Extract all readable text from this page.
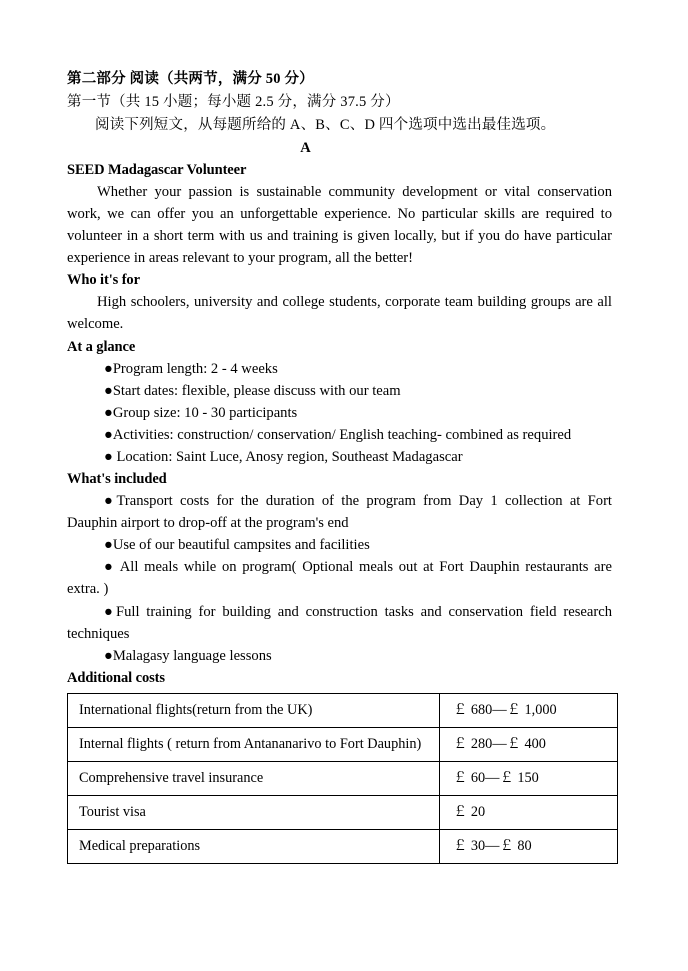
第二部分 阅读（共两节，满分 50 分）
第一节（共 15 小题；每小题 2.5 分，满分 37.5 分）
阅读下列短文，从每题所给的 A、B、C、D 四个选项中选出最佳选项。
A
SEED Madagascar Volunteer

Whether your passion is sustainable community development or vital conservation work, we can offer you an unforgettable experience. No particular skills are required to volunteer in a short term with us and training is given locally, but if you do have particular experience in areas relevant to your program, all the better!

Who it's for

High schoolers, university and college students, corporate team building groups are all welcome.

At a glance
●Program length: 2 - 4 weeks
●Start dates: flexible, please discuss with our team
●Group size: 10 - 30 participants
●Activities: construction/ conservation/ English teaching- combined as required
● Location: Saint Luce, Anosy region, Southeast Madagascar
What's included
●Transport costs for the duration of the program from Day 1 collection at Fort Dauphin airport to drop-off at the program's end
●Use of our beautiful campsites and facilities
● All meals while on program( Optional meals out at Fort Dauphin restaurants are extra. )
●Full training for building and construction tasks and conservation field research techniques
●Malagasy language lessons
Additional costs
International flights(return from the UK)	￡ 680—￡ 1,000
Internal flights ( return from Antananarivo to Fort Dauphin)	￡ 280—￡ 400
Comprehensive travel insurance	￡ 60—￡ 150
Tourist visa	￡ 20
Medical preparations	￡ 30—￡ 80
